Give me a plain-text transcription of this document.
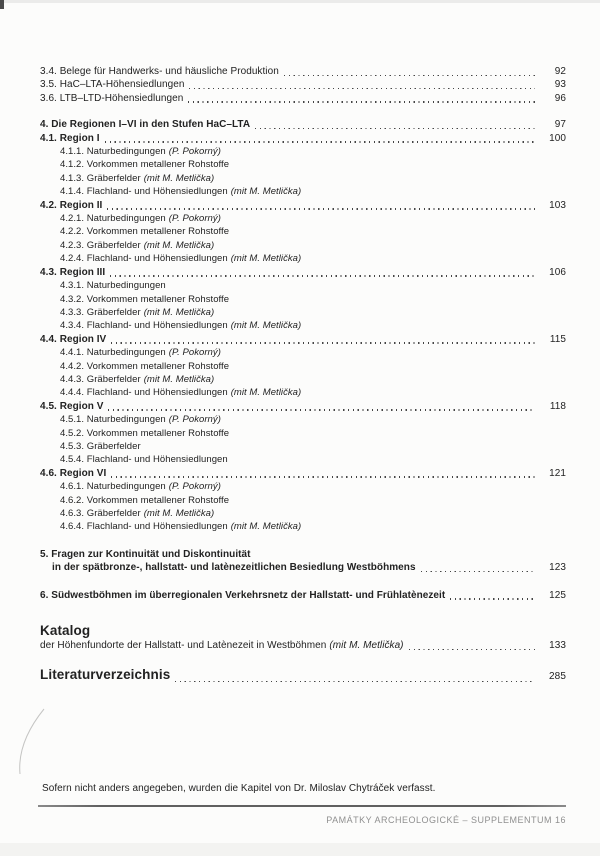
3.4. Belege für Handwerks- und häusliche Produktion	92
3.5. HaC–LTA-Höhensiedlungen	93
3.6. LTB–LTD-Höhensiedlungen	96
4. Die Regionen I–VI in den Stufen HaC–LTA	97
4.1. Region I	100
4.1.1. Naturbedingungen (P. Pokorný)
4.1.2. Vorkommen metallener Rohstoffe
4.1.3. Gräberfelder (mit M. Metlička)
4.1.4. Flachland- und Höhensiedlungen (mit M. Metlička)
4.2. Region II	103
4.2.1. Naturbedingungen (P. Pokorný)
4.2.2. Vorkommen metallener Rohstoffe
4.2.3. Gräberfelder (mit M. Metlička)
4.2.4. Flachland- und Höhensiedlungen (mit M. Metlička)
4.3. Region III	106
4.3.1. Naturbedingungen
4.3.2. Vorkommen metallener Rohstoffe
4.3.3. Gräberfelder (mit M. Metlička)
4.3.4. Flachland- und Höhensiedlungen (mit M. Metlička)
4.4. Region IV	115
4.4.1. Naturbedingungen (P. Pokorný)
4.4.2. Vorkommen metallener Rohstoffe
4.4.3. Gräberfelder (mit M. Metlička)
4.4.4. Flachland- und Höhensiedlungen (mit M. Metlička)
4.5. Region V	118
4.5.1. Naturbedingungen (P. Pokorný)
4.5.2. Vorkommen metallener Rohstoffe
4.5.3. Gräberfelder
4.5.4. Flachland- und Höhensiedlungen
4.6. Region VI	121
4.6.1. Naturbedingungen (P. Pokorný)
4.6.2. Vorkommen metallener Rohstoffe
4.6.3. Gräberfelder (mit M. Metlička)
4.6.4. Flachland- und Höhensiedlungen (mit M. Metlička)
5. Fragen zur Kontinuität und Diskontinuität
in der spätbronze-, hallstatt- und latènezeitlichen Besiedlung Westböhmens	123
6. Südwestböhmen im überregionalen Verkehrsnetz der Hallstatt- und Frühlatènezeit	125
Katalog
der Höhenfundorte der Hallstatt- und Latènezeit in Westböhmen (mit M. Metlička)	133
Literaturverzeichnis	285
Sofern nicht anders angegeben, wurden die Kapitel von Dr. Miloslav Chytráček verfasst.
PAMÁTKY ARCHEOLOGICKÉ – SUPPLEMENTUM 16
